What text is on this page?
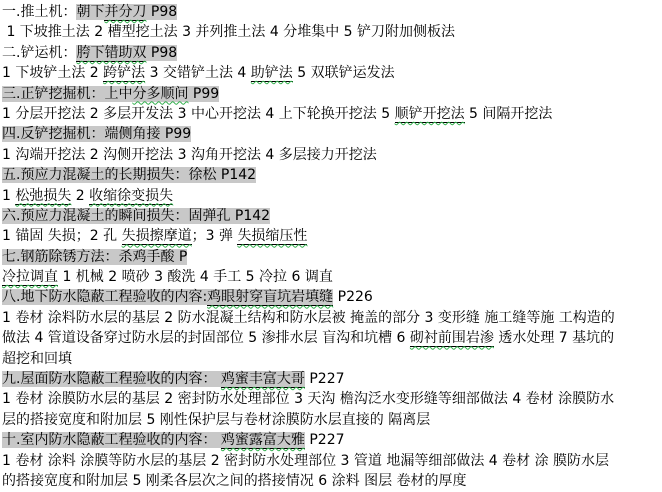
一.推土机：朝下并分刀 P98
1 下坡推土法 2 槽型挖土法 3 并列推土法 4 分堆集中 5 铲刀附加侧板法
二.铲运机：胯下错助双 P98
1 下坡铲土法 2 跨铲法 3 交错铲土法 4 助铲法 5 双联铲运发法
三.正铲挖掘机：上中分多顺间 P99
1 分层开挖法 2 多层开发法 3 中心开挖法 4 上下轮换开挖法 5 顺铲开挖法 5 间隔开挖法
四.反铲挖掘机：端侧角接 P99
1 沟端开挖法 2 沟侧开挖法 3 沟角开挖法 4 多层接力开挖法
五.预应力混凝土的长期损失：徐松 P142
1 松弛损失 2 收缩徐变损失
六.预应力混凝土的瞬间损失：固弹孔 P142
1 锚固 失损；2 孔 失损擦摩道；3 弹 失损缩压性
七.钢筋除锈方法：杀鸡手酸 P
冷拉调直 1 机械 2 喷砂 3 酸洗 4 手工 5 冷拉 6 调直
八.地下防水隐蔽工程验收的内容:鸡眼射穿盲坑岩填缝 P226
1 卷材 涂料防水层的基层 2 防水混凝土结构和防水层被 掩盖的部分 3 变形缝 施工缝等施 工构造的
做法 4 管道设备穿过防水层的封固部位 5 渗排水层 盲沟和坑槽 6 砌衬前围岩渗 透水处理 7 基坑的
超挖和回填
九.屋面防水隐蔽工程验收的内容： 鸡蜜丰富大哥 P227
1 卷材 涂膜防水层的基层 2 密封防水处理部位 3 天沟 檐沟泛水变形缝等细部做法 4 卷材 涂膜防水
层的搭接宽度和附加层 5 刚性保护层与卷材涂膜防水层直接的 隔离层
十.室内防水隐蔽工程验收的内容： 鸡蜜露富大雅 P227
1 卷材 涂料 涂膜等防水层的基层 2 密封防水处理部位 3 管道 地漏等细部做法 4 卷材 涂 膜防水层
的搭接宽度和附加层 5 刚柔各层次之间的搭接情况 6 涂料 图层 卷材的厚度
